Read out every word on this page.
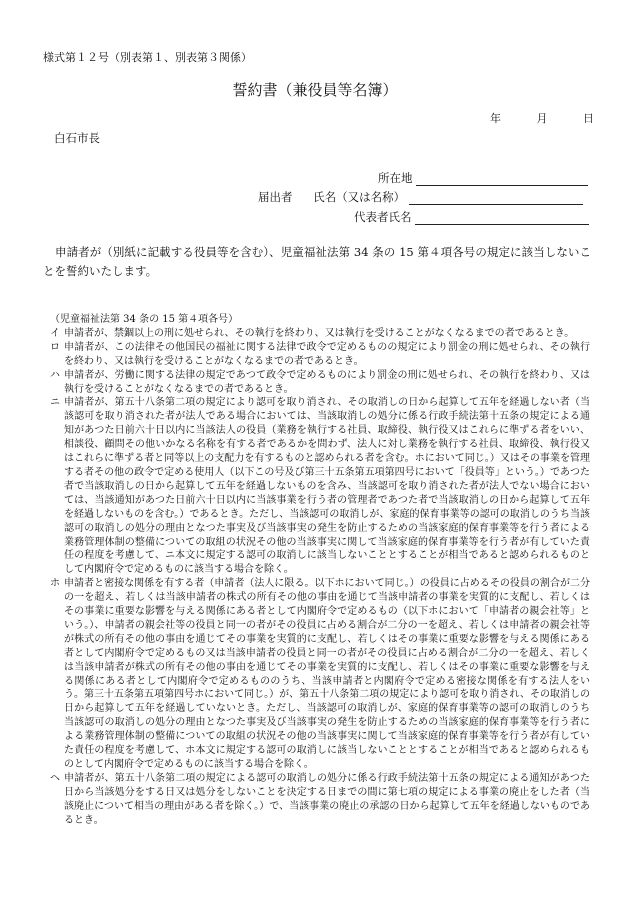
様式第１２号（別表第１、別表第３関係）
誓約書（兼役員等名簿）
年	月	日
白石市長
所在地
届出者 氏名（又は名称）
代表者氏名
申請者が（別紙に記載する役員等を含む）、児童福祉法第 34 条の 15 第４項各号の規定に該当しないことを誓約いたします。
（児童福祉法第 34 条の 15 第４項各号）
イ 申請者が、禁錮以上の刑に処せられ、その執行を終わり、又は執行を受けることがなくなるまでの者であるとき。
ロ 申請者が、この法律その他国民の福祉に関する法律で政令で定めるものの規定により罰金の刑に処せられ、その執行を終わり、又は執行を受けることがなくなるまでの者であるとき。
ハ 申請者が、労働に関する法律の規定であつて政令で定めるものにより罰金の刑に処せられ、その執行を終わり、又は執行を受けることがなくなるまでの者であるとき。
ニ 申請者が、第五十八条第二項の規定により認可を取り消され、その取消しの日から起算して五年を経過しない者（当該認可を取り消された者が法人である場合においては、当該取消しの処分に係る行政手続法第十五条の規定による通知があつた日前六十日以内に当該法人の役員（業務を執行する社員、取締役、執行役又はこれらに準ずる者をいい、相談役、顧問その他いかなる名称を有する者であるかを問わず、法人に対し業務を執行する社員、取締役、執行役又はこれらに準ずる者と同等以上の支配力を有するものと認められる者を含む。ホにおいて同じ。）又はその事業を管理する者その他の政令で定める使用人（以下この号及び第三十五条第五項第四号において「役員等」という。）であつた者で当該取消しの日から起算して五年を経過しないものを含み、当該認可を取り消された者が法人でない場合においては、当該通知があつた日前六十日以内に当該事業を行う者の管理者であつた者で当該取消しの日から起算して五年を経過しないものを含む。）であるとき。ただし、当該認可の取消しが、家庭的保育事業等の認可の取消しのうち当該認可の取消しの処分の理由となつた事実及び当該事実の発生を防止するための当該家庭的保育事業等を行う者による業務管理体制の整備についての取組の状況その他の当該事実に関して当該家庭的保育事業等を行う者が有していた責任の程度を考慮して、ニ本文に規定する認可の取消しに該当しないこととすることが相当であると認められるものとして内閣府令で定めるものに該当する場合を除く。
ホ 申請者と密接な関係を有する者（申請者（法人に限る。以下ホにおいて同じ。）の役員に占めるその役員の割合が二分の一を超え、若しくは当該申請者の株式の所有その他の事由を通じて当該申請者の事業を実質的に支配し、若しくはその事業に重要な影響を与える関係にある者として内閣府令で定めるもの（以下ホにおいて「申請者の親会社等」という。）、申請者の親会社等の役員と同一の者がその役員に占める割合が二分の一を超え、若しくは申請者の親会社等が株式の所有その他の事由を通じてその事業を実質的に支配し、若しくはその事業に重要な影響を与える関係にある者として内閣府令で定めるもの又は当該申請者の役員と同一の者がその役員に占める割合が二分の一を超え、若しくは当該申請者が株式の所有その他の事由を通じてその事業を実質的に支配し、若しくはその事業に重要な影響を与える関係にある者として内閣府令で定めるもののうち、当該申請者と内閣府令で定める密接な関係を有する法人をいう。第三十五条第五項第四号ホにおいて同じ。）が、第五十八条第二項の規定により認可を取り消され、その取消しの日から起算して五年を経過していないとき。ただし、当該認可の取消しが、家庭的保育事業等の認可の取消しのうち当該認可の取消しの処分の理由となつた事実及び当該事実の発生を防止するための当該家庭的保育事業等を行う者による業務管理体制の整備についての取組の状況その他の当該事実に関して当該家庭的保育事業等を行う者が有していた責任の程度を考慮して、ホ本文に規定する認可の取消しに該当しないこととすることが相当であると認められるものとして内閣府令で定めるものに該当する場合を除く。
ヘ 申請者が、第五十八条第二項の規定による認可の取消しの処分に係る行政手続法第十五条の規定による通知があつた日から当該処分をする日又は処分をしないことを決定する日までの間に第七項の規定による事業の廃止をした者（当該廃止について相当の理由がある者を除く。）で、当該事業の廃止の承認の日から起算して五年を経過しないものであるとき。
